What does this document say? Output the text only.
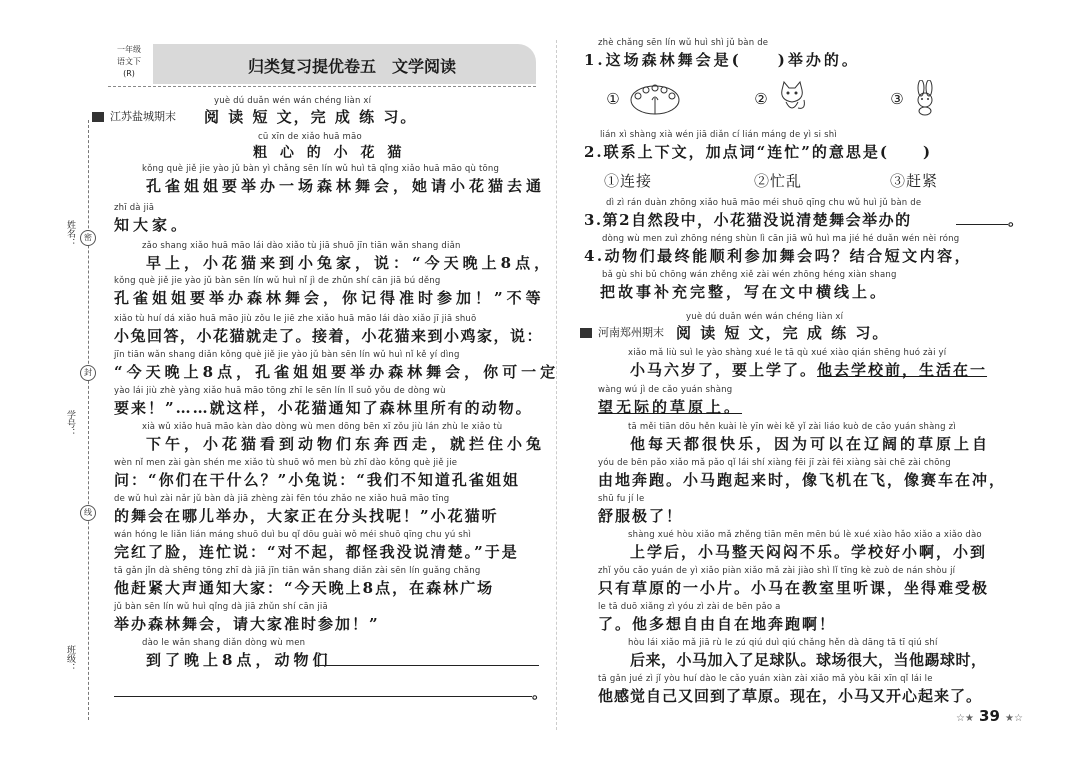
姓名：	密
学号：
封
线
班级：
一年级
语文下
(R)	归类复习提优卷五　文学阅读
yuè dú duǎn wén wán chéng liàn xí
江苏盐城期末 阅 读 短 文，完 成 练 习。
cū xīn de xiǎo huā māo
粗 心 的 小 花 猫
kǒng què jiě jie yào jǔ bàn yì chǎng sēn lín wǔ huì tā qǐng xiǎo huā māo qù tōng
孔雀姐姐要举办一场森林舞会，她请小花猫去通
zhī dà jiā
知大家。
zǎo shang xiǎo huā māo lái dào xiǎo tù jiā shuō jīn tiān wǎn shang diǎn
早上，小花猫来到小兔家，说：“今天晚上8点，
kǒng què jiě jie yào jǔ bàn sēn lín wǔ huì nǐ jì de zhǔn shí cān jiā bú děng
孔雀姐姐要举办森林舞会，你记得准时参加！”不等
xiǎo tù huí dá xiǎo huā māo jiù zǒu le jiē zhe xiǎo huā māo lái dào xiǎo jī jiā shuō
小兔回答，小花猫就走了。接着，小花猫来到小鸡家，说：
jīn tiān wǎn shang diǎn kǒng què jiě jie yào jǔ bàn sēn lín wǔ huì nǐ kě yí dìng
“今天晚上8点，孔雀姐姐要举办森林舞会，你可一定
yào lái jiù zhè yàng xiǎo huā māo tōng zhī le sēn lín lǐ suǒ yǒu de dòng wù
要来！”……就这样，小花猫通知了森林里所有的动物。
xià wǔ xiǎo huā māo kàn dào dòng wù men dōng bēn xī zǒu jiù lán zhù le xiǎo tù
下午，小花猫看到动物们东奔西走，就拦住小兔
wèn nǐ men zài gàn shén me xiǎo tù shuō wǒ men bù zhī dào kǒng què jiě jie
问：“你们在干什么？”小兔说：“我们不知道孔雀姐姐
de wǔ huì zài nǎr jǔ bàn dà jiā zhèng zài fēn tóu zhǎo ne xiǎo huā māo tīng
的舞会在哪儿举办，大家正在分头找呢！”小花猫听
wán hóng le liǎn lián máng shuō duì bu qǐ dōu guài wǒ méi shuō qīng chu yú shì
完红了脸，连忙说：“对不起，都怪我没说清楚。”于是
tā gǎn jǐn dà shēng tōng zhī dà jiā jīn tiān wǎn shang diǎn zài sēn lín guǎng chǎng
他赶紧大声通知大家：“今天晚上8点，在森林广场
jǔ bàn sēn lín wǔ huì qǐng dà jiā zhǔn shí cān jiā
举办森林舞会，请大家准时参加！”
dào le wǎn shang diǎn dòng wù men
到了晚上8点，动物们
。
zhè chǎng sēn lín wǔ huì shì jǔ bàn de
1.这场森林舞会是(　　)举办的。
①	②	③
lián xì shàng xià wén jiā diǎn cí lián máng de yì si shì
2.联系上下文，加点词“连忙”的意思是(　　)
①连接	②忙乱	③赶紧
dì zì rán duàn zhōng xiǎo huā māo méi shuō qīng chu wǔ huì jǔ bàn de
3.第2自然段中，小花猫没说清楚舞会举办的	。
dòng wù men zuì zhōng néng shùn lì cān jiā wǔ huì ma jié hé duǎn wén nèi róng
4.动物们最终能顺利参加舞会吗？结合短文内容，
bǎ gù shi bǔ chōng wán zhěng xiě zài wén zhōng héng xiàn shang
把故事补充完整，写在文中横线上。
yuè dú duǎn wén wán chéng liàn xí
河南郑州期末 阅 读 短 文，完 成 练 习。
xiǎo mǎ liù suì le yào shàng xué le tā qù xué xiào qián shēng huó zài yí
小马六岁了，要上学了。他去学校前，生活在一
wàng wú jì de cǎo yuán shàng
望无际的草原上。
tā měi tiān dōu hěn kuài lè yīn wèi kě yǐ zài liáo kuò de cǎo yuán shàng zì
他每天都很快乐，因为可以在辽阔的草原上自
yóu de bēn pǎo xiǎo mǎ pǎo qǐ lái shí xiàng fēi jī zài fēi xiàng sài chē zài chōng
由地奔跑。小马跑起来时，像飞机在飞，像赛车在冲，
shū fu jí le
舒服极了！
shàng xué hòu xiǎo mǎ zhěng tiān mēn mēn bú lè xué xiào hǎo xiǎo a xiǎo dào
上学后，小马整天闷闷不乐。学校好小啊，小到
zhǐ yǒu cǎo yuán de yì xiǎo piàn xiǎo mǎ zài jiào shì lǐ tīng kè zuò de nán shòu jí
只有草原的一小片。小马在教室里听课，坐得难受极
le tā duō xiǎng zì yóu zì zài de bēn pǎo a
了。他多想自由自在地奔跑啊！
hòu lái xiǎo mǎ jiā rù le zú qiú duì qiú chǎng hěn dà dāng tā tī qiú shí
后来，小马加入了足球队。球场很大，当他踢球时，
tā gǎn jué zì jǐ yòu huí dào le cǎo yuán xiàn zài xiǎo mǎ yòu kāi xīn qǐ lái le
他感觉自己又回到了草原。现在，小马又开心起来了。
☆★ 39 ★☆
